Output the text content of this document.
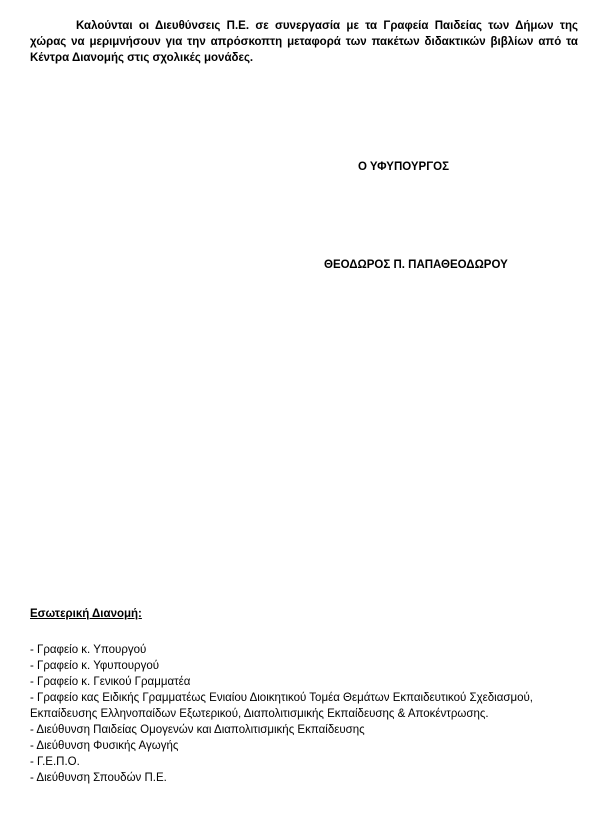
Καλούνται οι Διευθύνσεις Π.Ε. σε συνεργασία με τα Γραφεία Παιδείας των Δήμων της χώρας να μεριμνήσουν για την απρόσκοπτη μεταφορά των πακέτων διδακτικών βιβλίων από τα Κέντρα Διανομής στις σχολικές μονάδες.

Ο ΥΦΥΠΟΥΡΓΟΣ
ΘΕΟΔΩΡΟΣ Π. ΠΑΠΑΘΕΟΔΩΡΟΥ
Εσωτερική Διανομή:
- Γραφείο κ. Υπουργού
- Γραφείο κ. Υφυπουργού
- Γραφείο κ. Γενικού Γραμματέα
- Γραφείο κας Ειδικής Γραμματέως Ενιαίου Διοικητικού Τομέα Θεμάτων Εκπαιδευτικού Σχεδιασμού, Εκπαίδευσης Ελληνοπαίδων Εξωτερικού, Διαπολιτισμικής Εκπαίδευσης & Αποκέντρωσης.
- Διεύθυνση Παιδείας Ομογενών και Διαπολιτισμικής Εκπαίδευσης
- Διεύθυνση Φυσικής Αγωγής
- Γ.Ε.Π.Ο.
- Διεύθυνση Σπουδών Π.Ε.
